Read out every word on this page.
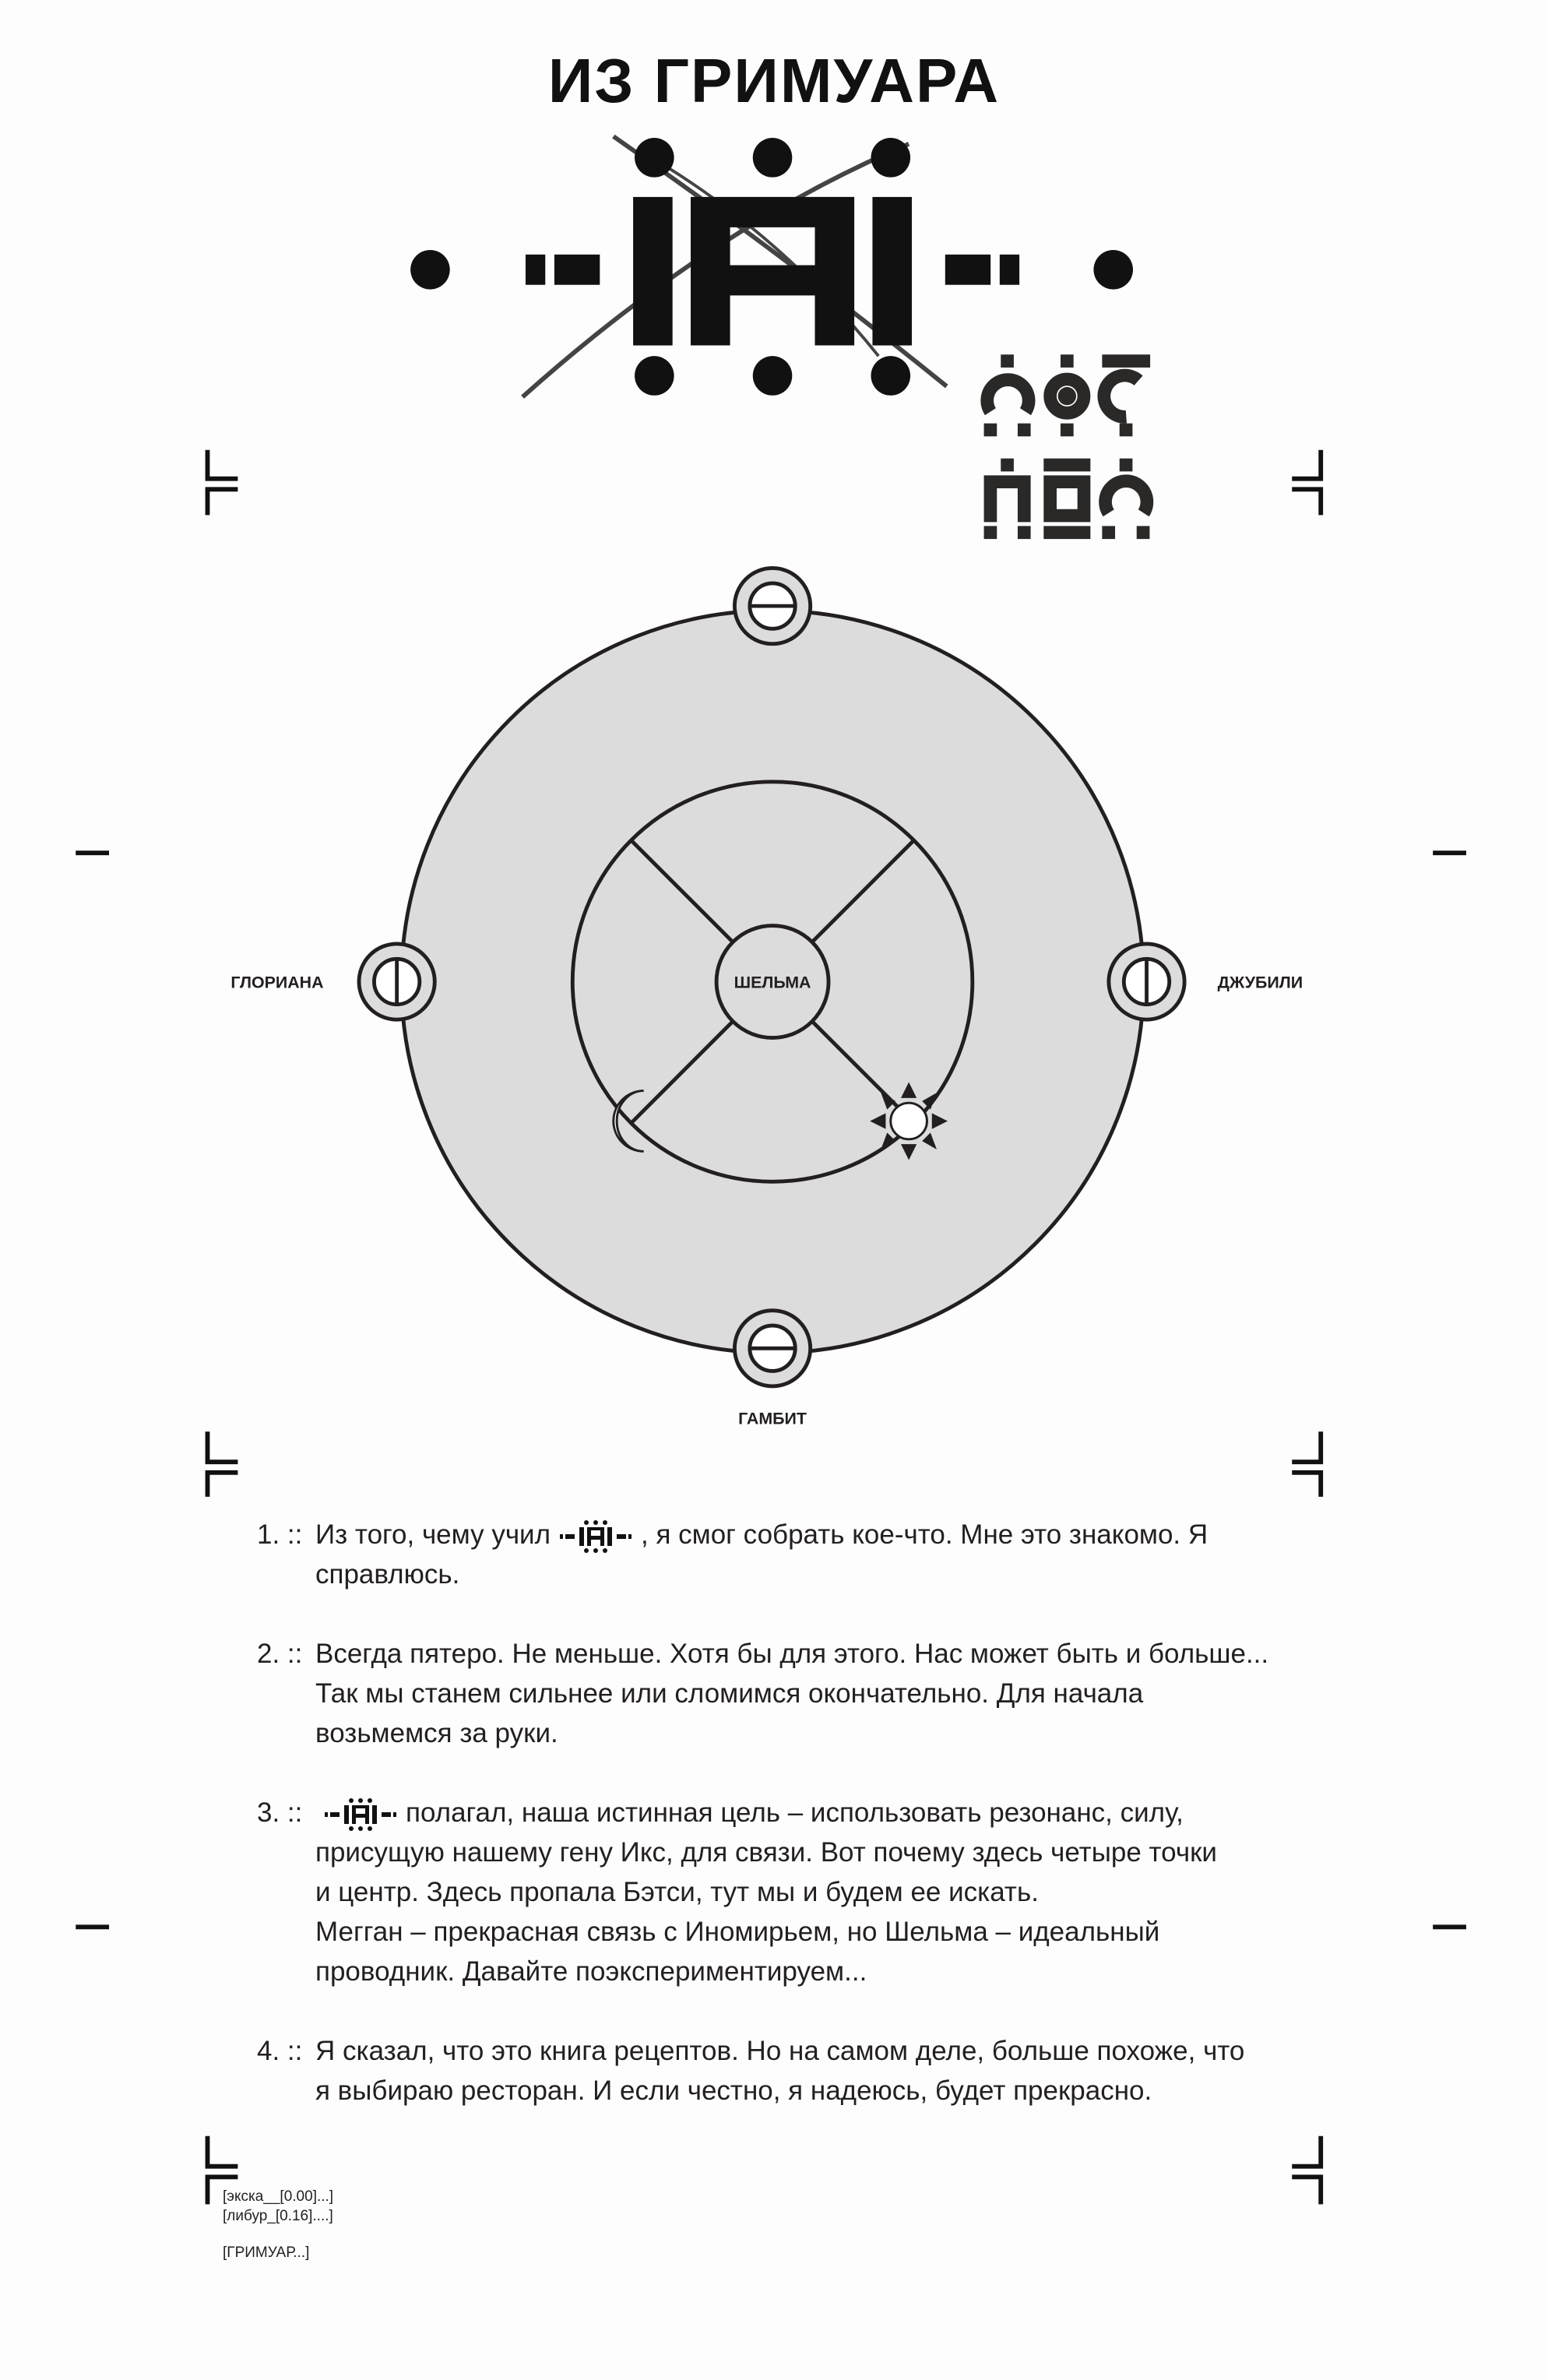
ШЕЛЬМА
ГЛОРИАНА	ДЖУБИЛИ
ГАМБИТ
ИЗ ГРИМУАРА
1. :: Из того, чему учил	, я смог собрать кое-что. Мне это знакомо. Я
справлюсь.
2. :: Всегда пятеро. Не меньше. Хотя бы для этого. Нас может быть и больше...
Так мы станем сильнее или сломимся окончательно. Для начала
возьмемся за руки.
3. ::	полагал, наша истинная цель – использовать резонанс, силу,
присущую нашему гену Икс, для связи. Вот почему здесь четыре точки
и центр. Здесь пропала Бэтси, тут мы и будем ее искать.
Мегган – прекрасная связь с Иномирьем, но Шельма – идеальный
проводник. Давайте поэкспериментируем...
4. :: Я сказал, что это книга рецептов. Но на самом деле, больше похоже, что
я выбираю ресторан. И если честно, я надеюсь, будет прекрасно.
[экска__[0.00]...]
[либур_[0.16]....]
[ГРИМУАР...]
